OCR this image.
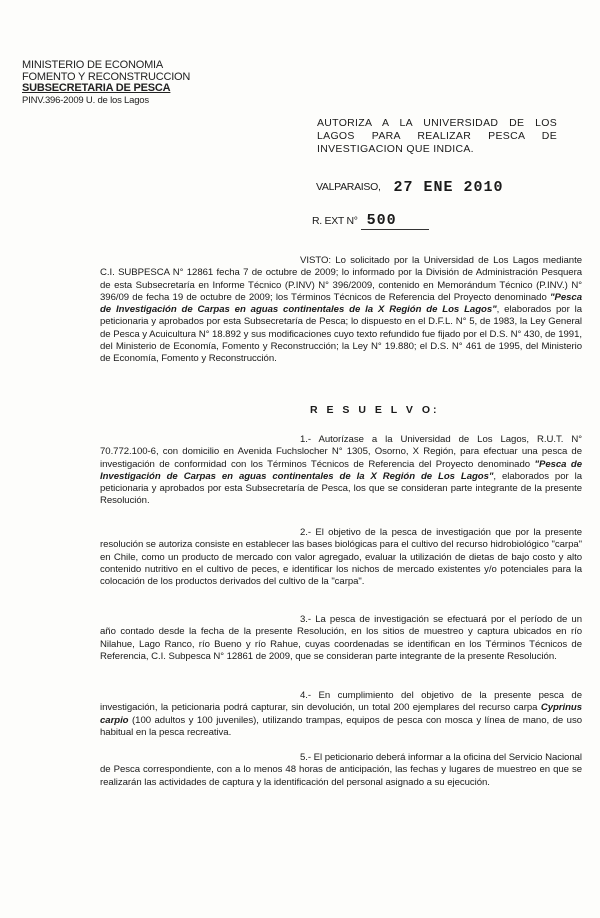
MINISTERIO DE ECONOMIA
FOMENTO Y RECONSTRUCCION
SUBSECRETARIA DE PESCA
PINV.396-2009 U. de los Lagos
AUTORIZA A LA UNIVERSIDAD DE LOS LAGOS PARA REALIZAR PESCA DE INVESTIGACION QUE INDICA.
VALPARAISO, 27 ENE 2010
R. EXT N° 500

VISTO: Lo solicitado por la Universidad de Los Lagos mediante C.I. SUBPESCA N° 12861 fecha 7 de octubre de 2009; lo informado por la División de Administración Pesquera de esta Subsecretaría en Informe Técnico (P.INV) N° 396/2009, contenido en Memorándum Técnico (P.INV.) N° 396/09 de fecha 19 de octubre de 2009; los Términos Técnicos de Referencia del Proyecto denominado "Pesca de Investigación de Carpas en aguas continentales de la X Región de Los Lagos", elaborados por la peticionaria y aprobados por esta Subsecretaría de Pesca; lo dispuesto en el D.F.L. N° 5, de 1983, la Ley General de Pesca y Acuicultura N° 18.892 y sus modificaciones cuyo texto refundido fue fijado por el D.S. N° 430, de 1991, del Ministerio de Economía, Fomento y Reconstrucción; la Ley N° 19.880; el D.S. N° 461 de 1995, del Ministerio de Economía, Fomento y Reconstrucción.

R E S U E L V O:

1.- Autorízase a la Universidad de Los Lagos, R.U.T. N° 70.772.100-6, con domicilio en Avenida Fuchslocher N° 1305, Osorno, X Región, para efectuar una pesca de investigación de conformidad con los Términos Técnicos de Referencia del Proyecto denominado "Pesca de Investigación de Carpas en aguas continentales de la X Región de Los Lagos", elaborados por la peticionaria y aprobados por esta Subsecretaría de Pesca, los que se consideran parte integrante de la presente Resolución.

2.- El objetivo de la pesca de investigación que por la presente resolución se autoriza consiste en establecer las bases biológicas para el cultivo del recurso hidrobiológico "carpa" en Chile, como un producto de mercado con valor agregado, evaluar la utilización de dietas de bajo costo y alto contenido nutritivo en el cultivo de peces, e identificar los nichos de mercado existentes y/o potenciales para la colocación de los productos derivados del cultivo de la "carpa".

3.- La pesca de investigación se efectuará por el período de un año contado desde la fecha de la presente Resolución, en los sitios de muestreo y captura ubicados en río Nilahue, Lago Ranco, río Bueno y río Rahue, cuyas coordenadas se identifican en los Términos Técnicos de Referencia, C.I. Subpesca N° 12861 de 2009, que se consideran parte integrante de la presente Resolución.

4.- En cumplimiento del objetivo de la presente pesca de investigación, la peticionaria podrá capturar, sin devolución, un total 200 ejemplares del recurso carpa Cyprinus carpio (100 adultos y 100 juveniles), utilizando trampas, equipos de pesca con mosca y línea de mano, de uso habitual en la pesca recreativa.

5.- El peticionario deberá informar a la oficina del Servicio Nacional de Pesca correspondiente, con a lo menos 48 horas de anticipación, las fechas y lugares de muestreo en que se realizarán las actividades de captura y la identificación del personal asignado a su ejecución.
